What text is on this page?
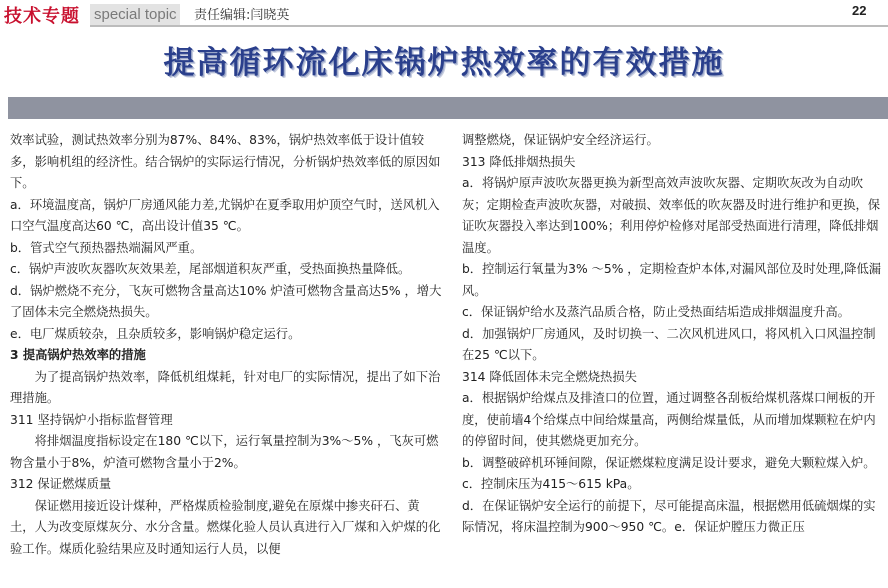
技术专题 special topic 责任编辑:闫晓英	22
提高循环流化床锅炉热效率的有效措施

效率试验，测试热效率分别为87%、84%、83%，锅炉热效率低于设计值较多，影响机组的经济性。结合锅炉的实际运行情况，分析锅炉热效率低的原因如下。

a．环境温度高，锅炉厂房通风能力差,尤锅炉在夏季取用炉顶空气时，送风机入口空气温度高达60 ℃，高出设计值35 ℃。

b．管式空气预热器热端漏风严重。

c．锅炉声波吹灰器吹灰效果差，尾部烟道积灰严重，受热面换热量降低。

d．锅炉燃烧不充分，飞灰可燃物含量高达10% 炉渣可燃物含量高达5% ，增大了固体未完全燃烧热损失。

e．电厂煤质较杂，且杂质较多，影响锅炉稳定运行。

3 提高锅炉热效率的措施

为了提高锅炉热效率，降低机组煤耗，针对电厂的实际情况，提出了如下治理措施。

311 坚持锅炉小指标监督管理

将排烟温度指标设定在180 ℃以下，运行氧量控制为3%～5% ，飞灰可燃物含量小于8%，炉渣可燃物含量小于2%。

312 保证燃煤质量

保证燃用接近设计煤种，严格煤质检验制度,避免在原煤中掺夹矸石、黄土，人为改变原煤灰分、水分含量。燃煤化验人员认真进行入厂煤和入炉煤的化验工作。煤质化验结果应及时通知运行人员，以便

调整燃烧，保证锅炉安全经济运行。

313 降低排烟热损失

a．将锅炉原声波吹灰器更换为新型高效声波吹灰器、定期吹灰改为自动吹灰；定期检查声波吹灰器，对破损、效率低的吹灰器及时进行维护和更换，保证吹灰器投入率达到100%；利用停炉检修对尾部受热面进行清理，降低排烟温度。

b．控制运行氧量为3% ～5% ，定期检查炉本体,对漏风部位及时处理,降低漏风。

c．保证锅炉给水及蒸汽品质合格，防止受热面结垢造成排烟温度升高。

d．加强锅炉厂房通风，及时切换一、二次风机进风口，将风机入口风温控制在25 ℃以下。

314 降低固体未完全燃烧热损失

a．根据锅炉给煤点及排渣口的位置，通过调整各刮板给煤机落煤口闸板的开度，使前墙4个给煤点中间给煤量高，两侧给煤量低，从而增加煤颗粒在炉内的停留时间，使其燃烧更加充分。

b．调整破碎机环锤间隙，保证燃煤粒度满足设计要求，避免大颗粒煤入炉。

c．控制床压为415～615 kPa。

d．在保证锅炉安全运行的前提下，尽可能提高床温，根据燃用低硫烟煤的实际情况，将床温控制为900～950 ℃。e．保证炉膛压力微正压
